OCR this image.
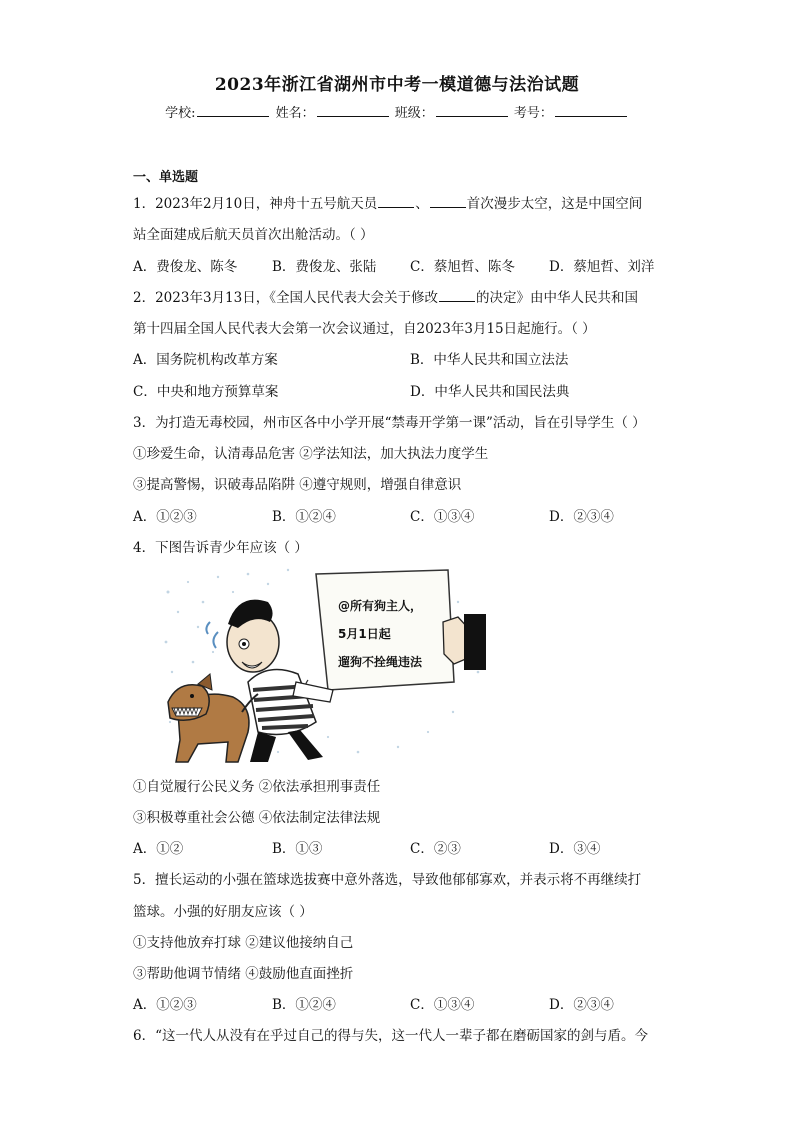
2023年浙江省湖州市中考一模道德与法治试题
学校:	姓名：	班级：	考号：
一、单选题
1．2023年2月10日，神舟十五号航天员	、	首次漫步太空，这是中国空间
站全面建成后航天员首次出舱活动。（ ）
A．费俊龙、陈冬	B．费俊龙、张陆 C．蔡旭哲、陈冬	D．蔡旭哲、刘洋
2．2023年3月13日，《全国人民代表大会关于修改	的决定》由中华人民共和国
第十四届全国人民代表大会第一次会议通过，自2023年3月15日起施行。（ ）
A．国务院机构改革方案	B．中华人民共和国立法法
C．中央和地方预算草案	D．中华人民共和国民法典
3．为打造无毒校园，州市区各中小学开展“禁毒开学第一课”活动，旨在引导学生（ ）
①珍爱生命，认清毒品危害 ②学法知法，加大执法力度学生
③提高警惕，识破毒品陷阱 ④遵守规则，增强自律意识
A．①②③	B．①②④	C．①③④	D．②③④
4．下图告诉青少年应该（ ）
@所有狗主人，
5月1日起
遛狗不拴绳违法
①自觉履行公民义务 ②依法承担刑事责任
③积极尊重社会公德 ④依法制定法律法规
A．①②	B．①③	C．②③	D．③④
5．擅长运动的小强在篮球选拔赛中意外落选，导致他郁郁寡欢，并表示将不再继续打
篮球。小强的好朋友应该（ ）
①支持他放弃打球 ②建议他接纳自己
③帮助他调节情绪 ④鼓励他直面挫折
A．①②③	B．①②④	C．①③④	D．②③④
6．“这一代人从没有在乎过自己的得与失，这一代人一辈子都在磨砺国家的剑与盾。今
